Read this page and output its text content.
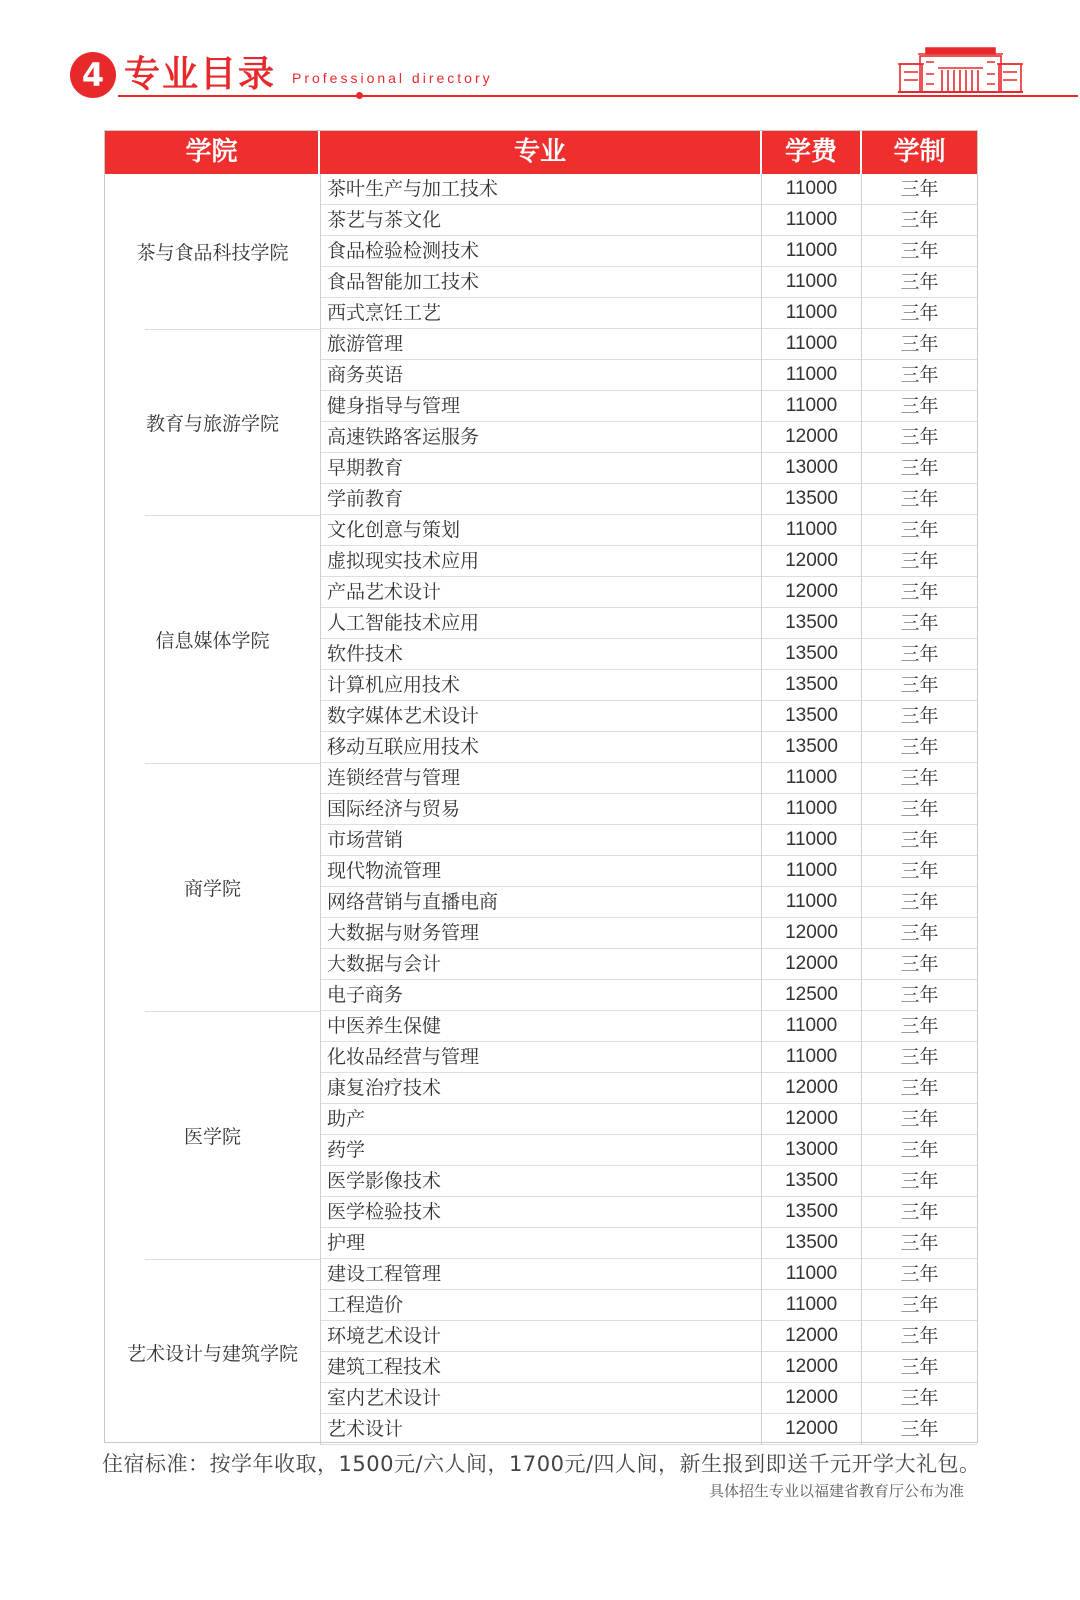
4 专业目录 Professional directory
学院	专业	学费	学制
茶与食品科技学院
茶叶生产与加工技术	11000	三年
茶艺与茶文化	11000	三年
食品检验检测技术	11000	三年
食品智能加工技术	11000	三年
西式烹饪工艺	11000	三年
教育与旅游学院
旅游管理	11000	三年
商务英语	11000	三年
健身指导与管理	11000	三年
高速铁路客运服务	12000	三年
早期教育	13000	三年
学前教育	13500	三年
信息媒体学院
文化创意与策划	11000	三年
虚拟现实技术应用	12000	三年
产品艺术设计	12000	三年
人工智能技术应用	13500	三年
软件技术	13500	三年
计算机应用技术	13500	三年
数字媒体艺术设计	13500	三年
移动互联应用技术	13500	三年
商学院
连锁经营与管理	11000	三年
国际经济与贸易	11000	三年
市场营销	11000	三年
现代物流管理	11000	三年
网络营销与直播电商	11000	三年
大数据与财务管理	12000	三年
大数据与会计	12000	三年
电子商务	12500	三年
医学院
中医养生保健	11000	三年
化妆品经营与管理	11000	三年
康复治疗技术	12000	三年
助产	12000	三年
药学	13000	三年
医学影像技术	13500	三年
医学检验技术	13500	三年
护理	13500	三年
艺术设计与建筑学院
建设工程管理	11000	三年
工程造价	11000	三年
环境艺术设计	12000	三年
建筑工程技术	12000	三年
室内艺术设计	12000	三年
艺术设计	12000	三年
住宿标准：按学年收取，1500元/六人间，1700元/四人间，新生报到即送千元开学大礼包。
具体招生专业以福建省教育厅公布为准
